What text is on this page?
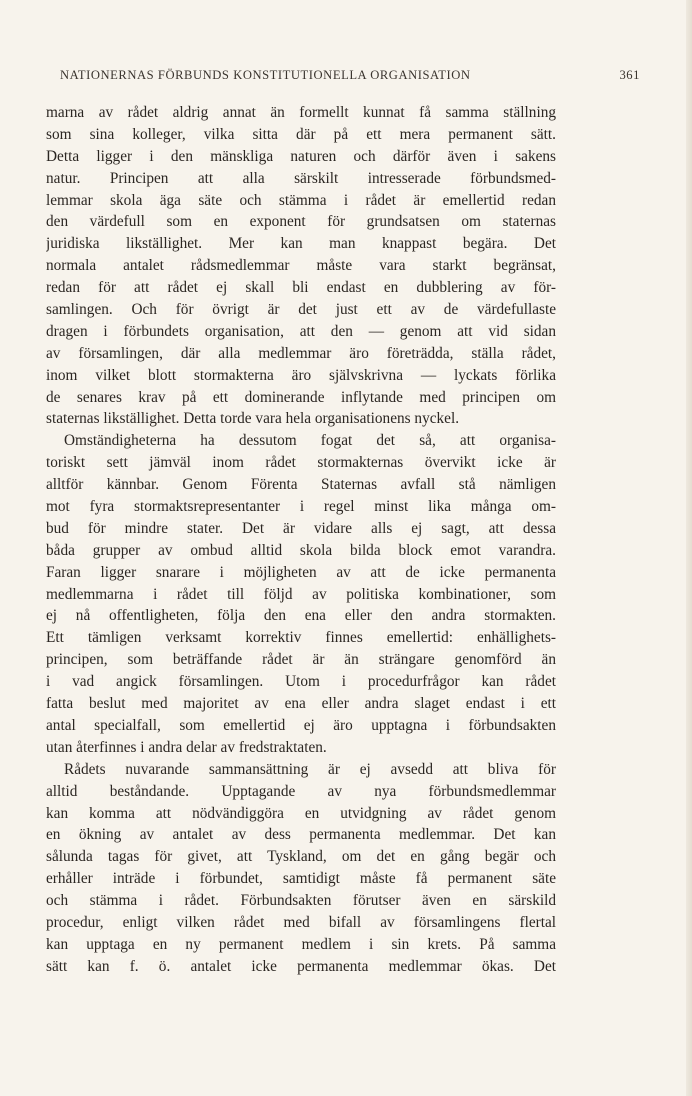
NATIONERNAS FÖRBUNDS KONSTITUTIONELLA ORGANISATION	361
marna av rådet aldrig annat än formellt kunnat få samma ställning
som sina kolleger, vilka sitta där på ett mera permanent sätt.
Detta ligger i den mänskliga naturen och därför även i sakens
natur. Principen att alla särskilt intresserade förbundsmed-
lemmar skola äga säte och stämma i rådet är emellertid redan
den värdefull som en exponent för grundsatsen om staternas
juridiska likställighet. Mer kan man knappast begära. Det
normala antalet rådsmedlemmar måste vara starkt begränsat,
redan för att rådet ej skall bli endast en dubblering av för-
samlingen. Och för övrigt är det just ett av de värdefullaste
dragen i förbundets organisation, att den — genom att vid sidan
av församlingen, där alla medlemmar äro företrädda, ställa rådet,
inom vilket blott stormakterna äro självskrivna — lyckats förlika
de senares krav på ett dominerande inflytande med principen om
staternas likställighet. Detta torde vara hela organisationens nyckel.
Omständigheterna ha dessutom fogat det så, att organisa-
toriskt sett jämväl inom rådet stormakternas övervikt icke är
alltför kännbar. Genom Förenta Staternas avfall stå nämligen
mot fyra stormaktsrepresentanter i regel minst lika många om-
bud för mindre stater. Det är vidare alls ej sagt, att dessa
båda grupper av ombud alltid skola bilda block emot varandra.
Faran ligger snarare i möjligheten av att de icke permanenta
medlemmarna i rådet till följd av politiska kombinationer, som
ej nå offentligheten, följa den ena eller den andra stormakten.
Ett tämligen verksamt korrektiv finnes emellertid: enhällighets-
principen, som beträffande rådet är än strängare genomförd än
i vad angick församlingen. Utom i procedurfrågor kan rådet
fatta beslut med majoritet av ena eller andra slaget endast i ett
antal specialfall, som emellertid ej äro upptagna i förbundsakten
utan återfinnes i andra delar av fredstraktaten.
Rådets nuvarande sammansättning är ej avsedd att bliva för
alltid beståndande. Upptagande av nya förbundsmedlemmar
kan komma att nödvändiggöra en utvidgning av rådet genom
en ökning av antalet av dess permanenta medlemmar. Det kan
sålunda tagas för givet, att Tyskland, om det en gång begär och
erhåller inträde i förbundet, samtidigt måste få permanent säte
och stämma i rådet. Förbundsakten förutser även en särskild
procedur, enligt vilken rådet med bifall av församlingens flertal
kan upptaga en ny permanent medlem i sin krets. På samma
sätt kan f. ö. antalet icke permanenta medlemmar ökas. Det
